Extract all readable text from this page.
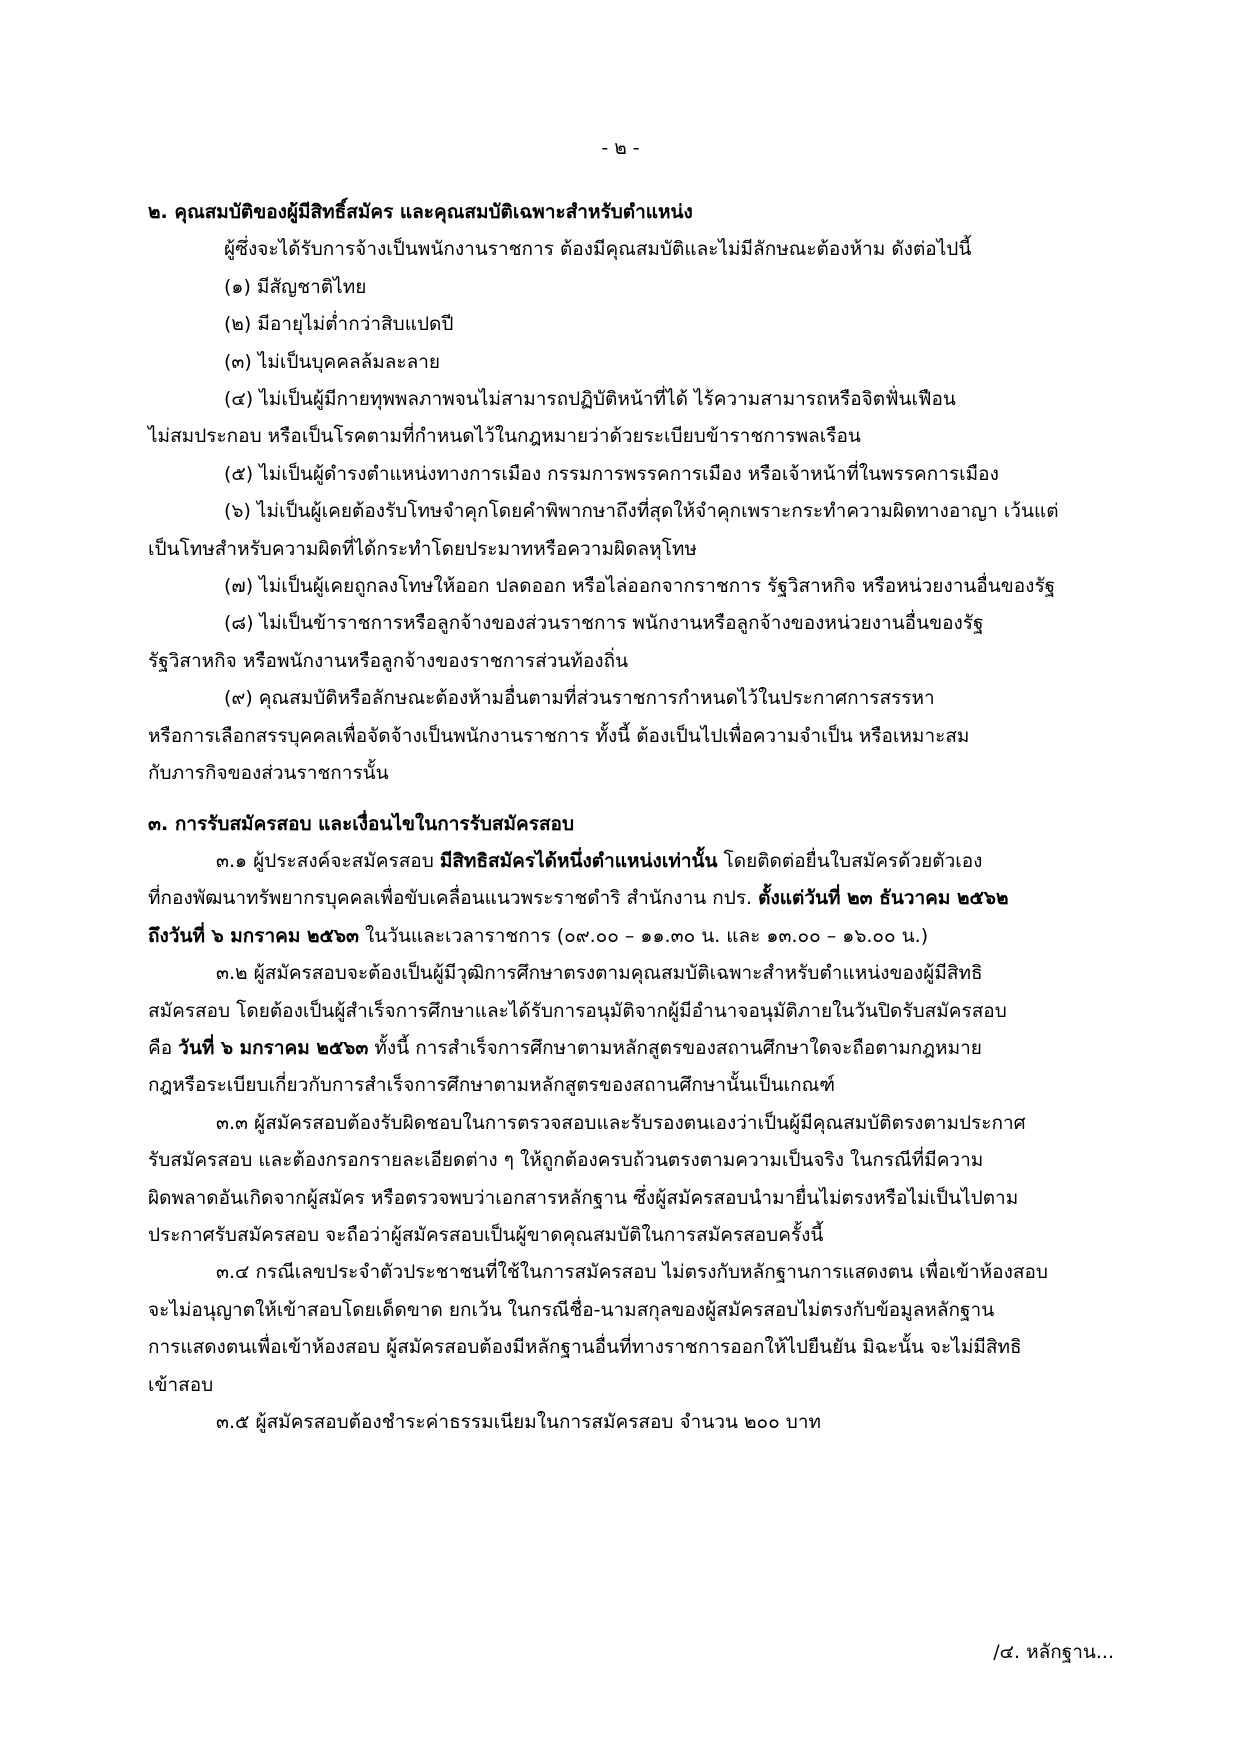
- ๒ -

๒. คุณสมบัติของผู้มีสิทธิ์สมัคร และคุณสมบัติเฉพาะสำหรับตำแหน่ง

ผู้ซึ่งจะได้รับการจ้างเป็นพนักงานราชการ ต้องมีคุณสมบัติและไม่มีลักษณะต้องห้าม ดังต่อไปนี้

(๑) มีสัญชาติไทย

(๒) มีอายุไม่ต่ำกว่าสิบแปดปี

(๓) ไม่เป็นบุคคลล้มละลาย

(๔) ไม่เป็นผู้มีกายทุพพลภาพจนไม่สามารถปฏิบัติหน้าที่ได้ ไร้ความสามารถหรือจิตฟั่นเฟือน

ไม่สมประกอบ หรือเป็นโรคตามที่กำหนดไว้ในกฎหมายว่าด้วยระเบียบข้าราชการพลเรือน

(๕) ไม่เป็นผู้ดำรงตำแหน่งทางการเมือง กรรมการพรรคการเมือง หรือเจ้าหน้าที่ในพรรคการเมือง

(๖) ไม่เป็นผู้เคยต้องรับโทษจำคุกโดยคำพิพากษาถึงที่สุดให้จำคุกเพราะกระทำความผิดทางอาญา เว้นแต่

เป็นโทษสำหรับความผิดที่ได้กระทำโดยประมาทหรือความผิดลหุโทษ

(๗) ไม่เป็นผู้เคยถูกลงโทษให้ออก ปลดออก หรือไล่ออกจากราชการ รัฐวิสาหกิจ หรือหน่วยงานอื่นของรัฐ

(๘) ไม่เป็นข้าราชการหรือลูกจ้างของส่วนราชการ พนักงานหรือลูกจ้างของหน่วยงานอื่นของรัฐ

รัฐวิสาหกิจ หรือพนักงานหรือลูกจ้างของราชการส่วนท้องถิ่น

(๙) คุณสมบัติหรือลักษณะต้องห้ามอื่นตามที่ส่วนราชการกำหนดไว้ในประกาศการสรรหา

หรือการเลือกสรรบุคคลเพื่อจัดจ้างเป็นพนักงานราชการ ทั้งนี้ ต้องเป็นไปเพื่อความจำเป็น หรือเหมาะสม

กับภารกิจของส่วนราชการนั้น

๓. การรับสมัครสอบ และเงื่อนไขในการรับสมัครสอบ

๓.๑ ผู้ประสงค์จะสมัครสอบ มีสิทธิสมัครได้หนึ่งตำแหน่งเท่านั้น โดยติดต่อยื่นใบสมัครด้วยตัวเอง

ที่กองพัฒนาทรัพยากรบุคคลเพื่อขับเคลื่อนแนวพระราชดำริ สำนักงาน กปร. ตั้งแต่วันที่ ๒๓ ธันวาคม ๒๕๖๒

ถึงวันที่ ๖ มกราคม ๒๕๖๓ ในวันและเวลาราชการ (๐๙.๐๐ – ๑๑.๓๐ น. และ ๑๓.๐๐ – ๑๖.๐๐ น.)

๓.๒ ผู้สมัครสอบจะต้องเป็นผู้มีวุฒิการศึกษาตรงตามคุณสมบัติเฉพาะสำหรับตำแหน่งของผู้มีสิทธิ

สมัครสอบ โดยต้องเป็นผู้สำเร็จการศึกษาและได้รับการอนุมัติจากผู้มีอำนาจอนุมัติภายในวันปิดรับสมัครสอบ

คือ วันที่ ๖ มกราคม ๒๕๖๓ ทั้งนี้ การสำเร็จการศึกษาตามหลักสูตรของสถานศึกษาใดจะถือตามกฎหมาย

กฎหรือระเบียบเกี่ยวกับการสำเร็จการศึกษาตามหลักสูตรของสถานศึกษานั้นเป็นเกณฑ์

๓.๓ ผู้สมัครสอบต้องรับผิดชอบในการตรวจสอบและรับรองตนเองว่าเป็นผู้มีคุณสมบัติตรงตามประกาศ

รับสมัครสอบ และต้องกรอกรายละเอียดต่าง ๆ ให้ถูกต้องครบถ้วนตรงตามความเป็นจริง ในกรณีที่มีความ

ผิดพลาดอันเกิดจากผู้สมัคร หรือตรวจพบว่าเอกสารหลักฐาน ซึ่งผู้สมัครสอบนำมายื่นไม่ตรงหรือไม่เป็นไปตาม

ประกาศรับสมัครสอบ จะถือว่าผู้สมัครสอบเป็นผู้ขาดคุณสมบัติในการสมัครสอบครั้งนี้

๓.๔ กรณีเลขประจำตัวประชาชนที่ใช้ในการสมัครสอบ ไม่ตรงกับหลักฐานการแสดงตน เพื่อเข้าห้องสอบ

จะไม่อนุญาตให้เข้าสอบโดยเด็ดขาด ยกเว้น ในกรณีชื่อ-นามสกุลของผู้สมัครสอบไม่ตรงกับข้อมูลหลักฐาน

การแสดงตนเพื่อเข้าห้องสอบ ผู้สมัครสอบต้องมีหลักฐานอื่นที่ทางราชการออกให้ไปยืนยัน มิฉะนั้น จะไม่มีสิทธิ

เข้าสอบ

๓.๕ ผู้สมัครสอบต้องชำระค่าธรรมเนียมในการสมัครสอบ จำนวน ๒๐๐ บาท

/๔. หลักฐาน...
